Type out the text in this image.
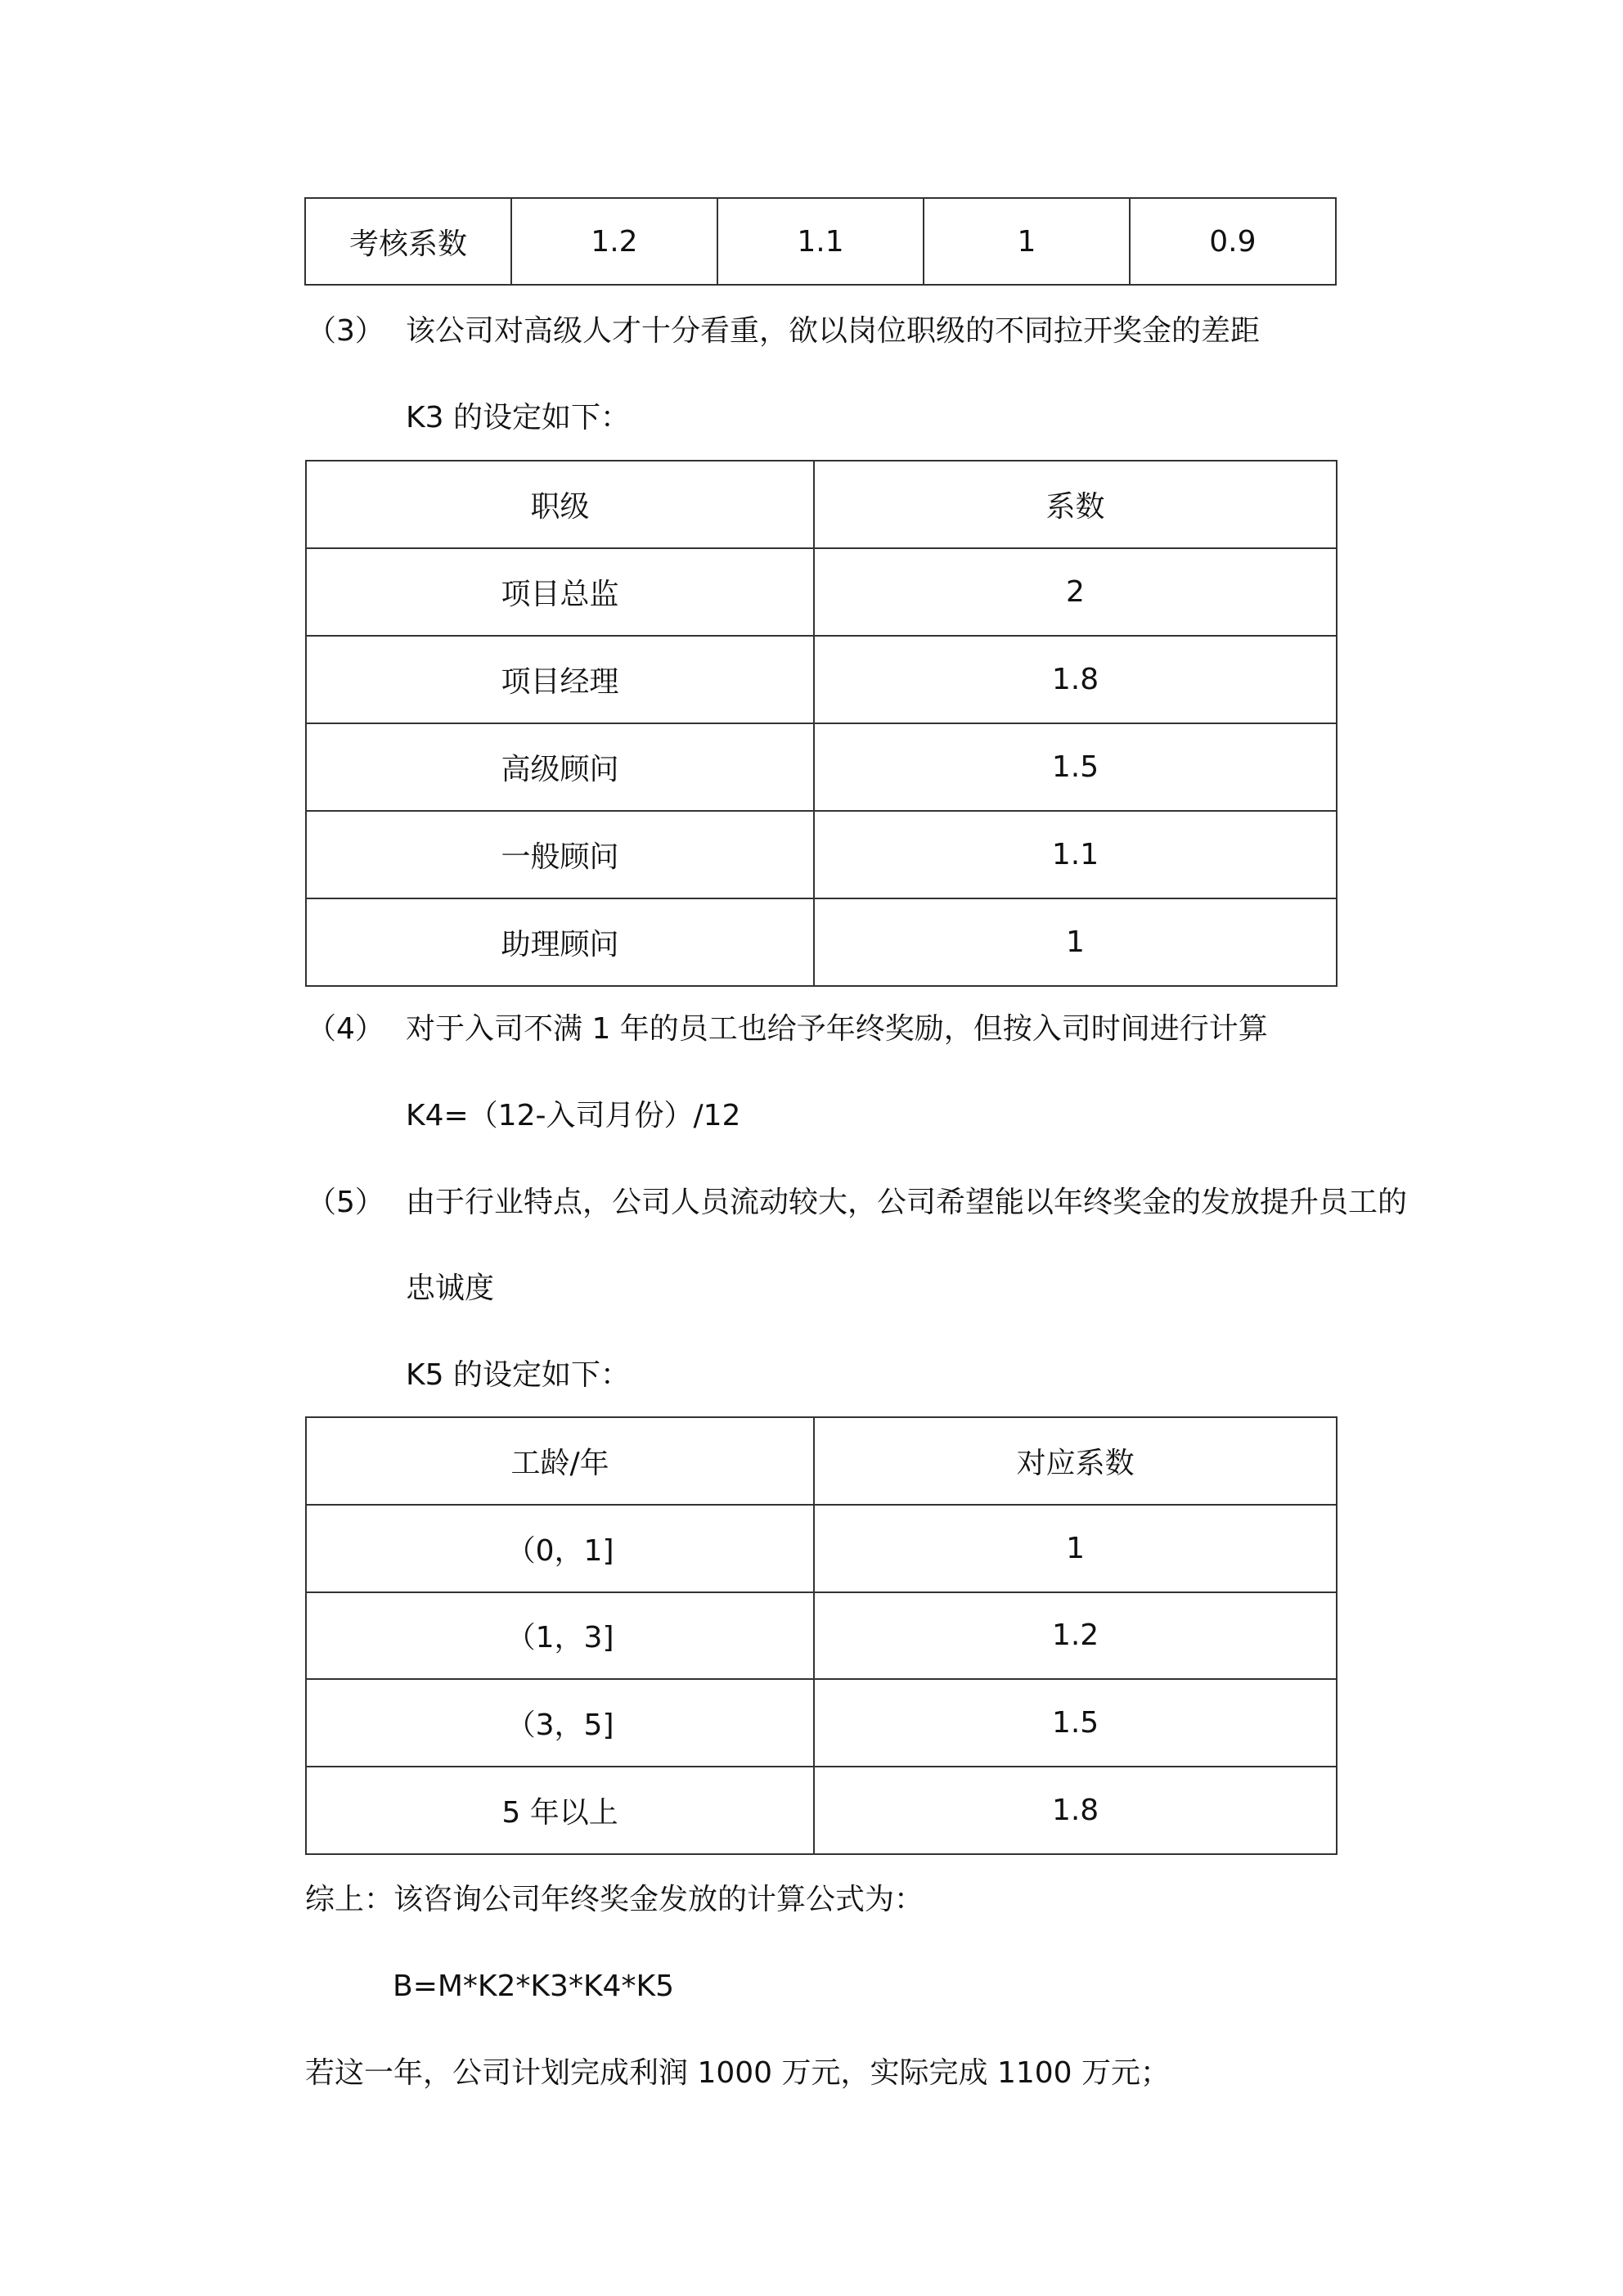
考核系数	1.2	1.1	1	0.9
（3） 该公司对高级人才十分看重，欲以岗位职级的不同拉开奖金的差距
K3 的设定如下：
职级	系数
项目总监	2
项目经理	1.8
高级顾问	1.5
一般顾问	1.1
助理顾问	1
（4） 对于入司不满 1 年的员工也给予年终奖励，但按入司时间进行计算
K4=（12-入司月份）/12
（5） 由于行业特点，公司人员流动较大，公司希望能以年终奖金的发放提升员工的
忠诚度
K5 的设定如下：
工龄/年	对应系数
（0，1]	1
（1，3]	1.2
（3，5]	1.5
5 年以上	1.8
综上：该咨询公司年终奖金发放的计算公式为：
B=M*K2*K3*K4*K5
若这一年，公司计划完成利润 1000 万元，实际完成 1100 万元；
